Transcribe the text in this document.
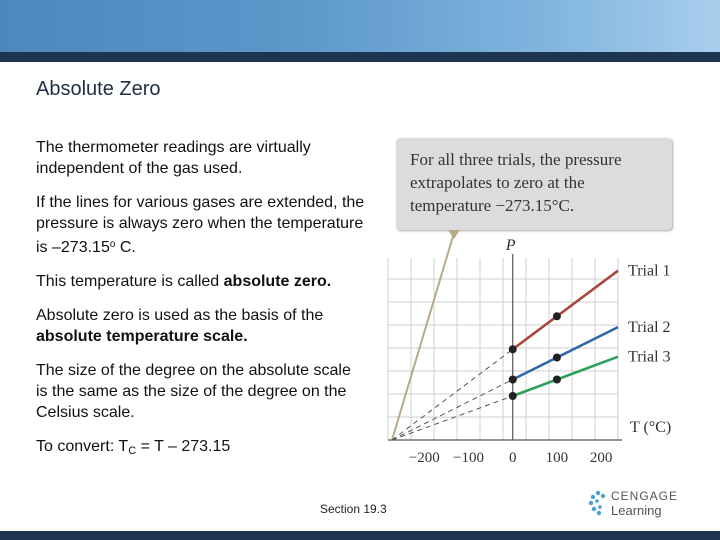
Absolute Zero

The thermometer readings are virtually independent of the gas used.

If the lines for various gases are extended, the pressure is always zero when the temperature is –273.15$^o$ C.

This temperature is called absolute zero.

Absolute zero is used as the basis of the absolute temperature scale.

The size of the degree on the absolute scale is the same as the size of the degree on the Celsius scale.

To convert: TC = T – 273.15

For all three trials, the pressure extrapolates to zero at the temperature −273.15°C.
Trial 1
Trial 2
Trial 3
−200 −100 0 100 200
P
T (°C)
Section 19.3
CENGAGE
Learning
